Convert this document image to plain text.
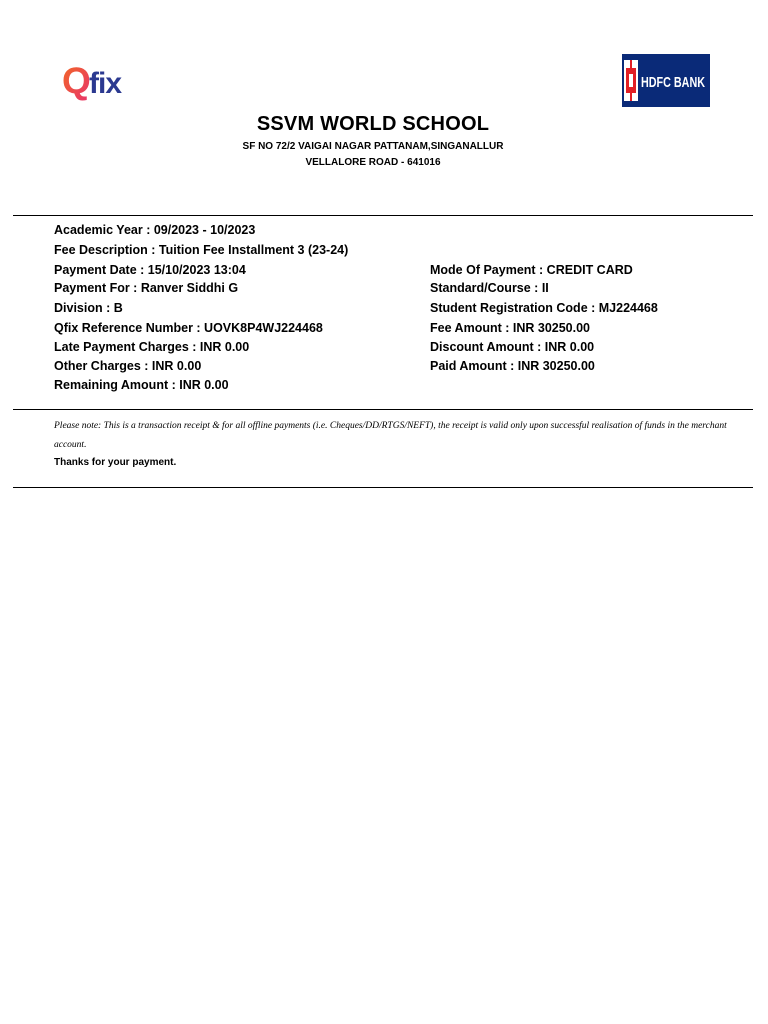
Q
fix	HDFC BANK
SSVM WORLD SCHOOL
SF NO 72/2 VAIGAI NAGAR PATTANAM,SINGANALLUR
VELLALORE ROAD - 641016
Academic Year : 09/2023 - 10/2023
Fee Description : Tuition Fee Installment 3 (23-24)
Payment Date : 15/10/2023 13:04	Mode Of Payment : CREDIT CARD
Payment For : Ranver Siddhi G	Standard/Course : II
Division : B	Student Registration Code : MJ224468
Qfix Reference Number : UOVK8P4WJ224468	Fee Amount : INR 30250.00
Late Payment Charges : INR 0.00	Discount Amount : INR 0.00
Other Charges : INR 0.00	Paid Amount : INR 30250.00
Remaining Amount : INR 0.00
Please note: This is a transaction receipt & for all offline payments (i.e. Cheques/DD/RTGS/NEFT), the receipt is valid only upon successful realisation of funds in the merchant account.
Thanks for your payment.
